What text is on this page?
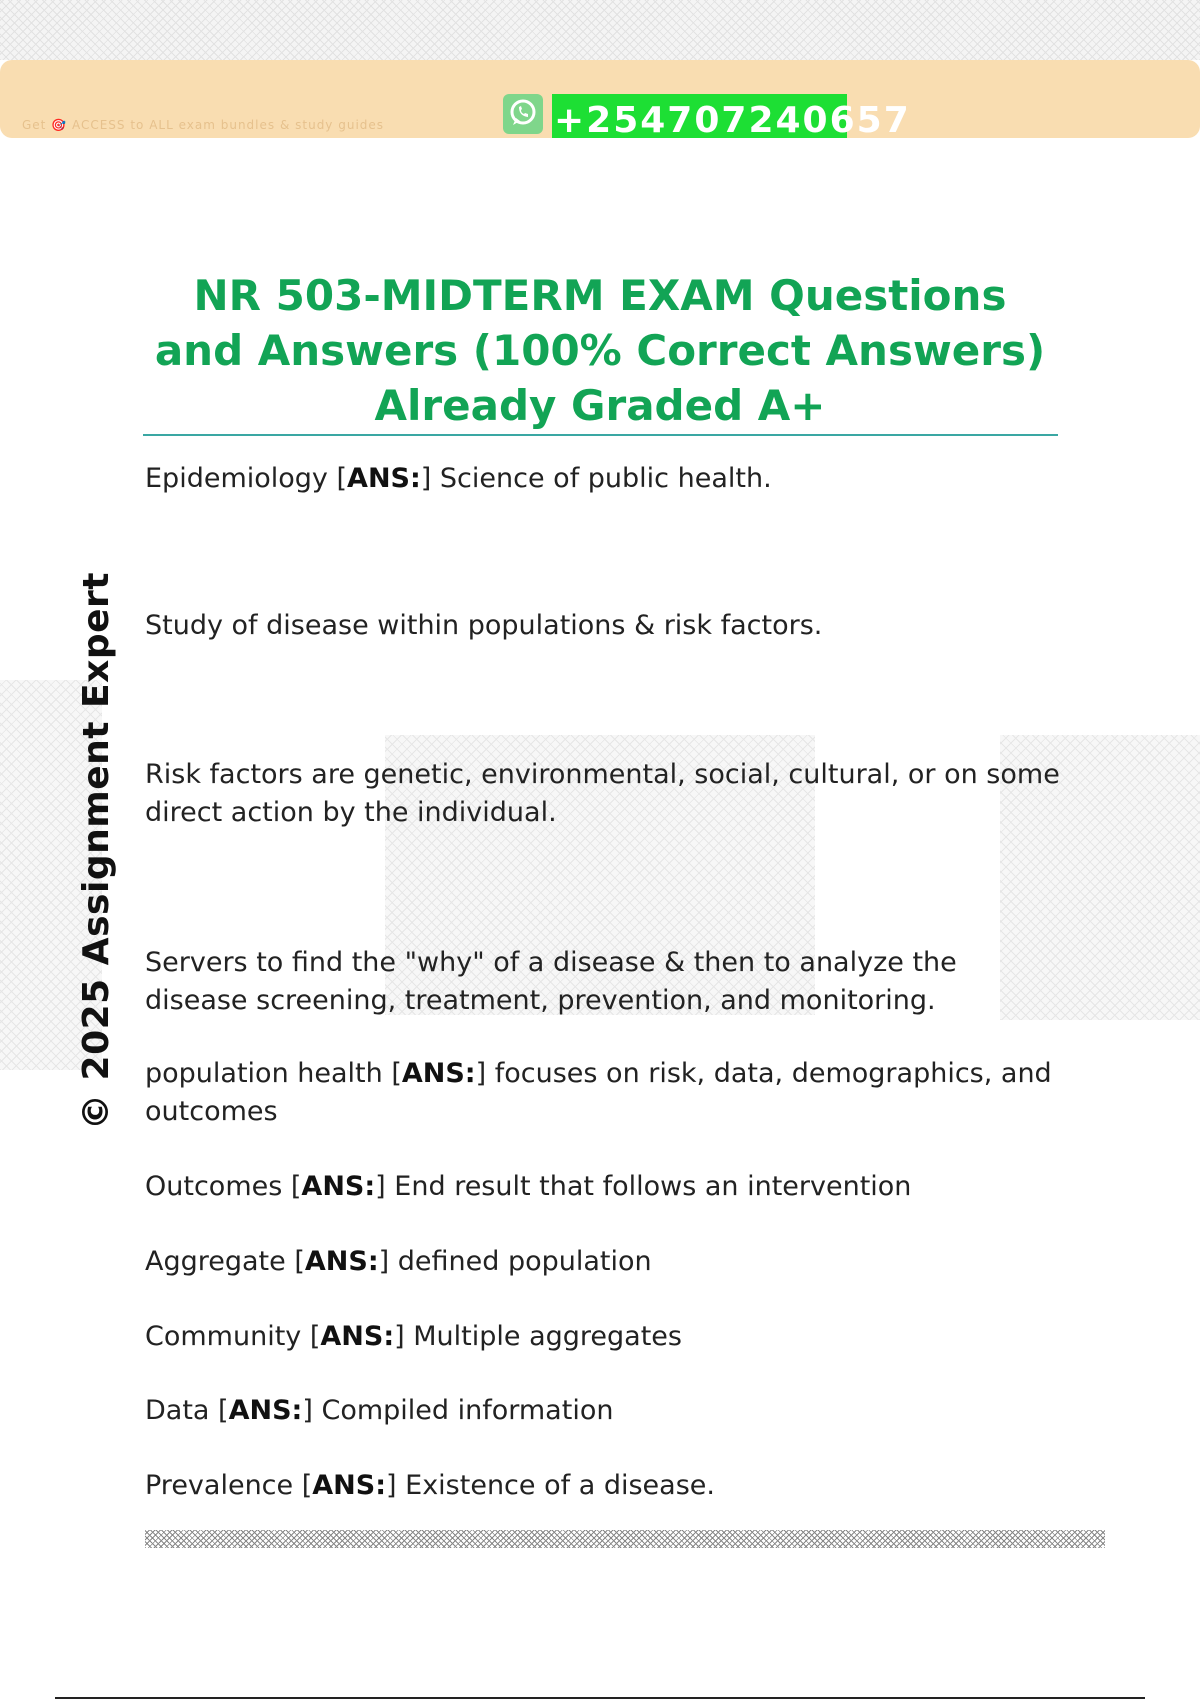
Get 🎯 ACCESS to ALL exam bundles & study guides	+254707240657
© 2025 Assignment Expert
NR 503-MIDTERM EXAM Questions and Answers (100% Correct Answers) Already Graded A+

Epidemiology [ANS:] Science of public health.

Study of disease within populations & risk factors.

Risk factors are genetic, environmental, social, cultural, or on some direct action by the individual.

Servers to find the "why" of a disease & then to analyze the disease screening, treatment, prevention, and monitoring.

population health [ANS:] focuses on risk, data, demographics, and outcomes

Outcomes [ANS:] End result that follows an intervention

Aggregate [ANS:] defined population

Community [ANS:] Multiple aggregates

Data [ANS:] Compiled information

Prevalence [ANS:] Existence of a disease.
